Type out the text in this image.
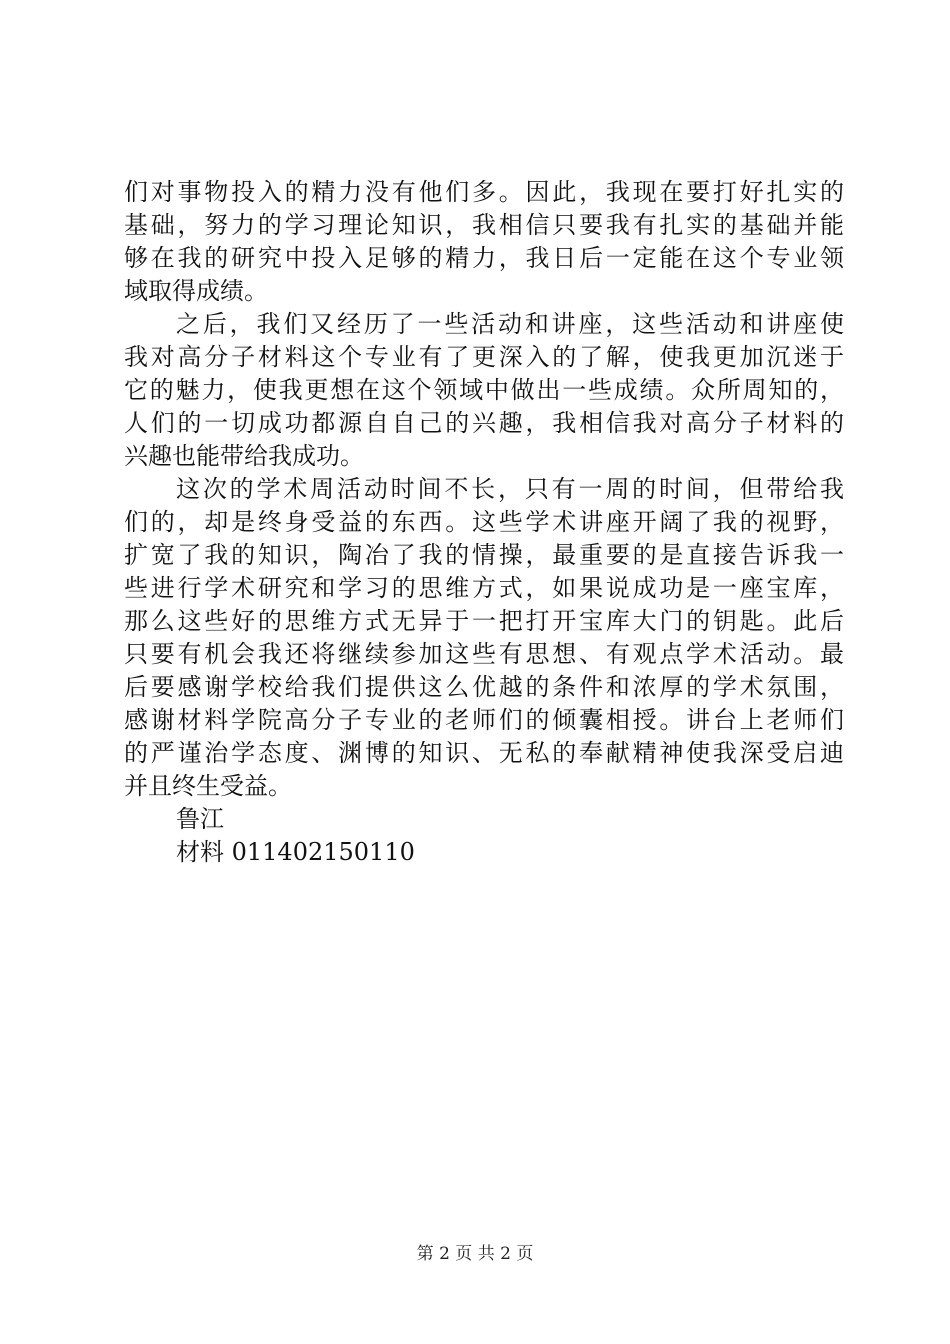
们对事物投入的精力没有他们多。因此，我现在要打好扎实的
基础，努力的学习理论知识，我相信只要我有扎实的基础并能
够在我的研究中投入足够的精力，我日后一定能在这个专业领
域取得成绩。
之后，我们又经历了一些活动和讲座，这些活动和讲座使
我对高分子材料这个专业有了更深入的了解，使我更加沉迷于
它的魅力，使我更想在这个领域中做出一些成绩。众所周知的，
人们的一切成功都源自自己的兴趣，我相信我对高分子材料的
兴趣也能带给我成功。
这次的学术周活动时间不长，只有一周的时间，但带给我
们的，却是终身受益的东西。这些学术讲座开阔了我的视野，
扩宽了我的知识，陶冶了我的情操，最重要的是直接告诉我一
些进行学术研究和学习的思维方式，如果说成功是一座宝库，
那么这些好的思维方式无异于一把打开宝库大门的钥匙。此后
只要有机会我还将继续参加这些有思想、有观点学术活动。最
后要感谢学校给我们提供这么优越的条件和浓厚的学术氛围，
感谢材料学院高分子专业的老师们的倾囊相授。讲台上老师们
的严谨治学态度、渊博的知识、无私的奉献精神使我深受启迪
并且终生受益。
鲁江
材料 011402150110
第 2 页 共 2 页
